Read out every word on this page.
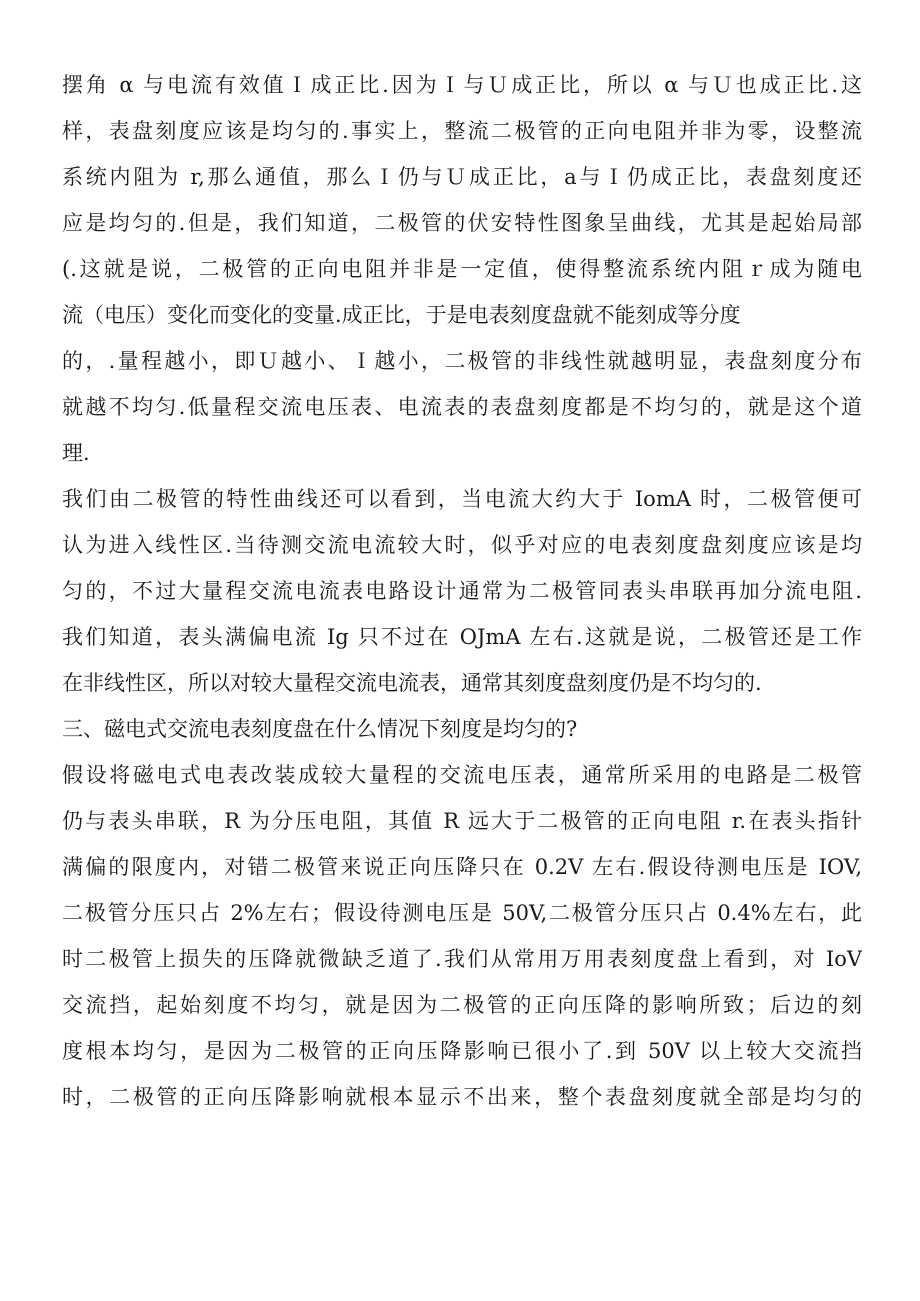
摆角 α 与电流有效值Ｉ成正比.因为Ｉ与Ｕ成正比，所以 α 与Ｕ也成正比.这
样，表盘刻度应该是均匀的.事实上，整流二极管的正向电阻并非为零，设整流
系统内阻为 r,那么通值，那么Ｉ仍与Ｕ成正比，a与Ｉ仍成正比，表盘刻度还
应是均匀的.但是，我们知道，二极管的伏安特性图象呈曲线，尤其是起始局部
(.这就是说，二极管的正向电阻并非是一定值，使得整流系统内阻ｒ成为随电
流（电压）变化而变化的变量.成正比，于是电表刻度盘就不能刻成等分度
的，.量程越小，即Ｕ越小、Ｉ越小，二极管的非线性就越明显，表盘刻度分布
就越不均匀.低量程交流电压表、电流表的表盘刻度都是不均匀的，就是这个道
理.
我们由二极管的特性曲线还可以看到，当电流大约大于 IomA 时，二极管便可
认为进入线性区.当待测交流电流较大时，似乎对应的电表刻度盘刻度应该是均
匀的，不过大量程交流电流表电路设计通常为二极管同表头串联再加分流电阻.
我们知道，表头满偏电流 Ig 只不过在 OJmA 左右.这就是说，二极管还是工作
在非线性区，所以对较大量程交流电流表，通常其刻度盘刻度仍是不均匀的.
三、磁电式交流电表刻度盘在什么情况下刻度是均匀的?
假设将磁电式电表改装成较大量程的交流电压表，通常所采用的电路是二极管
仍与表头串联，R 为分压电阻，其值 R 远大于二极管的正向电阻 r.在表头指针
满偏的限度内，对错二极管来说正向压降只在 0.2V 左右.假设待测电压是 IOV,
二极管分压只占 2%左右；假设待测电压是 50V,二极管分压只占 0.4%左右，此
时二极管上损失的压降就微缺乏道了.我们从常用万用表刻度盘上看到，对 IoV
交流挡，起始刻度不均匀，就是因为二极管的正向压降的影响所致；后边的刻
度根本均匀，是因为二极管的正向压降影响已很小了.到 50V 以上较大交流挡
时，二极管的正向压降影响就根本显示不出来，整个表盘刻度就全部是均匀的
